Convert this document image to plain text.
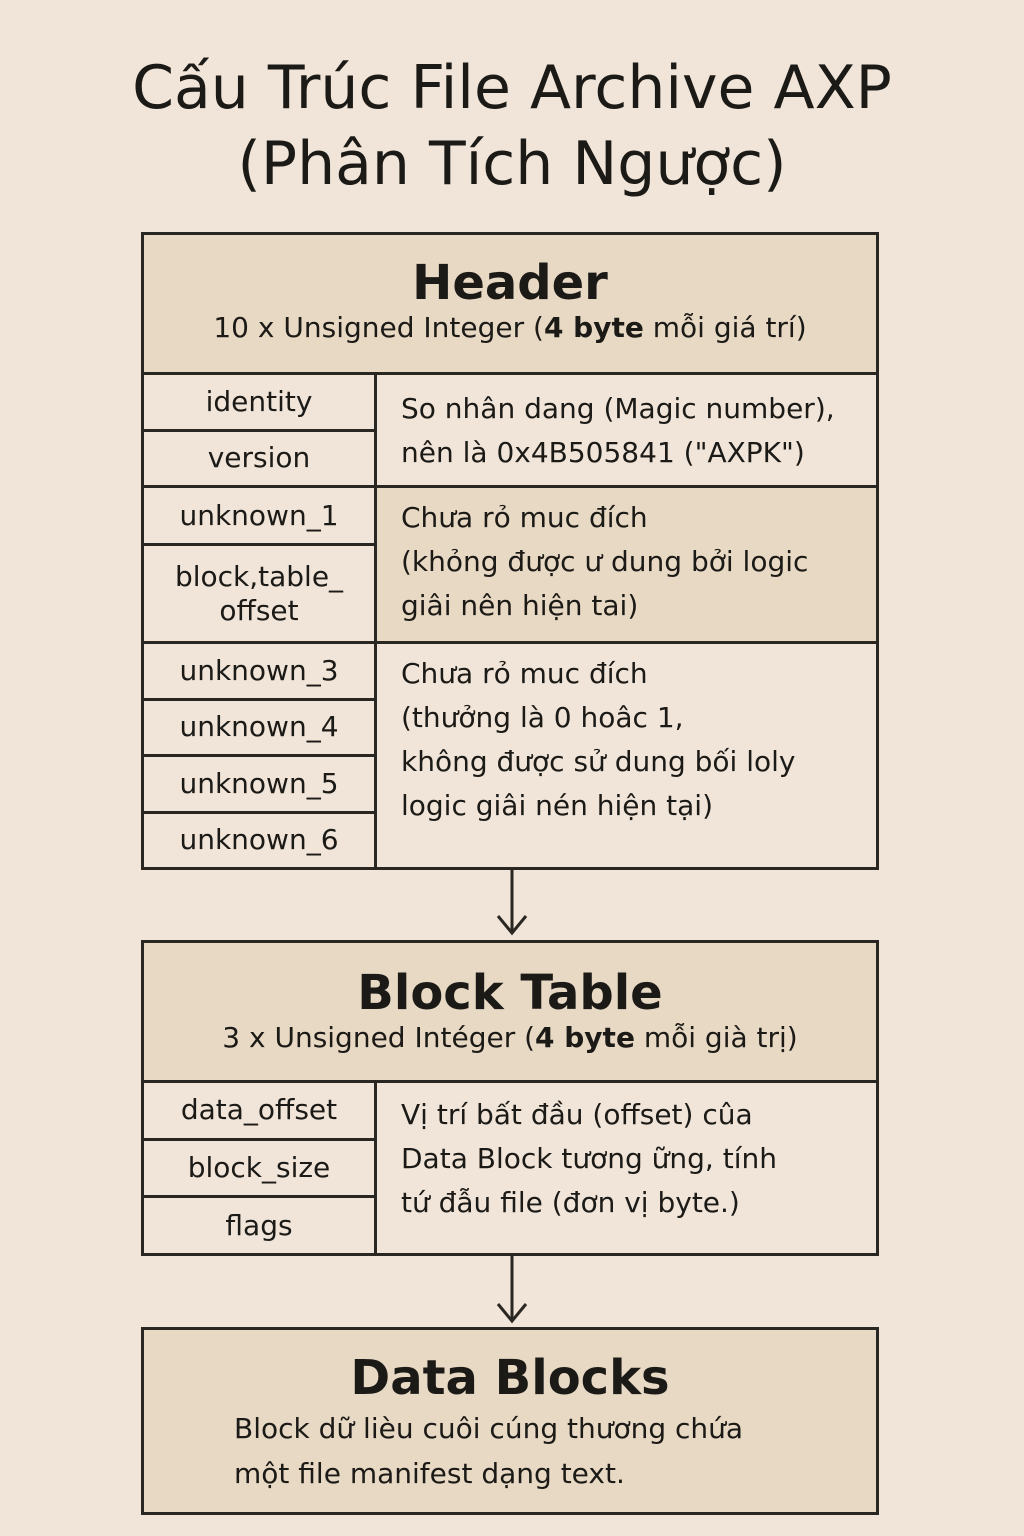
Cấu Trúc File Archive AXP
(Phân Tích Ngược)
Header
10 x Unsigned Integer (4 byte mỗi giá trí)
identity
version
So nhân dang (Magic number),
nên là 0x4B505841 ("AXPK")
unknown_1
block,table_
offset
Chưa rỏ muc đích
(khỏng được ư dung bởi logic
giâi nên hiện tai)
unknown_3
unknown_4
unknown_5
unknown_6
Chưa rỏ muc đích
(thưởng là 0 hoâc 1,
không được sử dung bối loly
logic giâi nén hiện tại)
Block Table
3 x Unsigned Intéger (4 byte mỗi già trị)
data_offset
block_size
flags
Vị trí bất đầu (offset) cûa
Data Block tương ững, tính
tứ đẫu file (đơn vị byte.)
Data Blocks
Block dữ lièu cuôi cúng thương chứa
một file manifest dạng text.
